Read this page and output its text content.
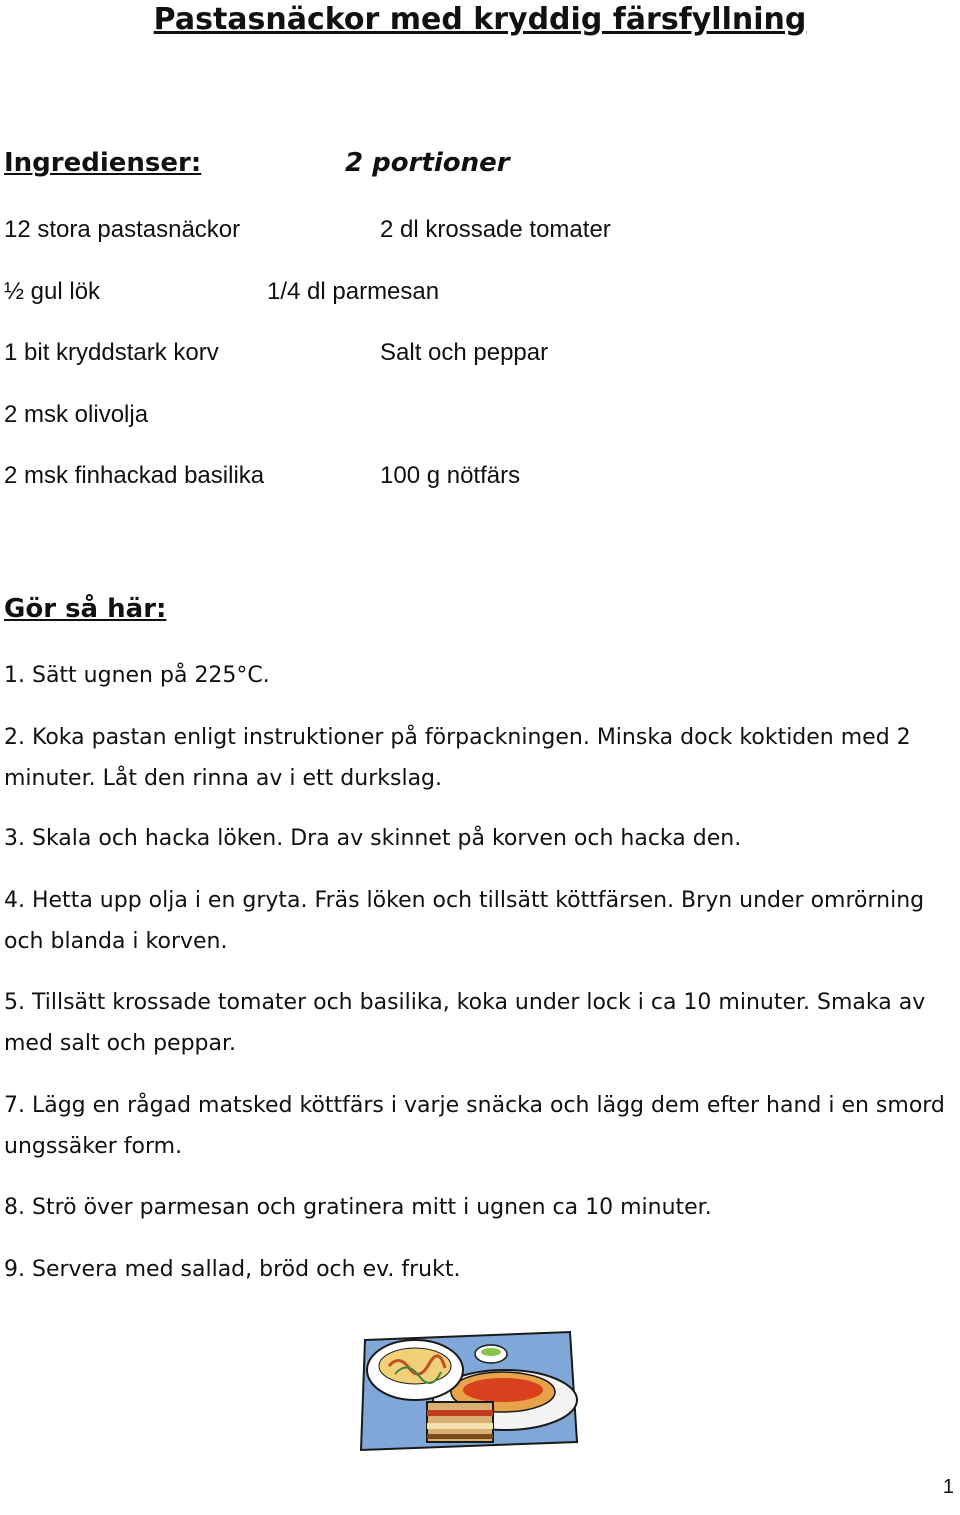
Pastasnäckor med kryddig färsfyllning
Ingredienser:	2 portioner
12 stora pastasnäckor	2 dl krossade tomater
½ gul lök	1/4 dl parmesan
1 bit kryddstark korv	Salt och peppar
2 msk olivolja
2 msk finhackad basilika	100 g nötfärs
Gör så här:
1. Sätt ugnen på 225°C.
2. Koka pastan enligt instruktioner på förpackningen. Minska dock koktiden med 2 minuter. Låt den rinna av i ett durkslag.
3. Skala och hacka löken. Dra av skinnet på korven och hacka den.
4. Hetta upp olja i en gryta. Fräs löken och tillsätt köttfärsen. Bryn under omrörning och blanda i korven.
5. Tillsätt krossade tomater och basilika, koka under lock i ca 10 minuter. Smaka av med salt och peppar.
7. Lägg en rågad matsked köttfärs i varje snäcka och lägg dem efter hand i en smord ungssäker form.
8. Strö över parmesan och gratinera mitt i ugnen ca 10 minuter.
9. Servera med sallad, bröd och ev. frukt.
1
